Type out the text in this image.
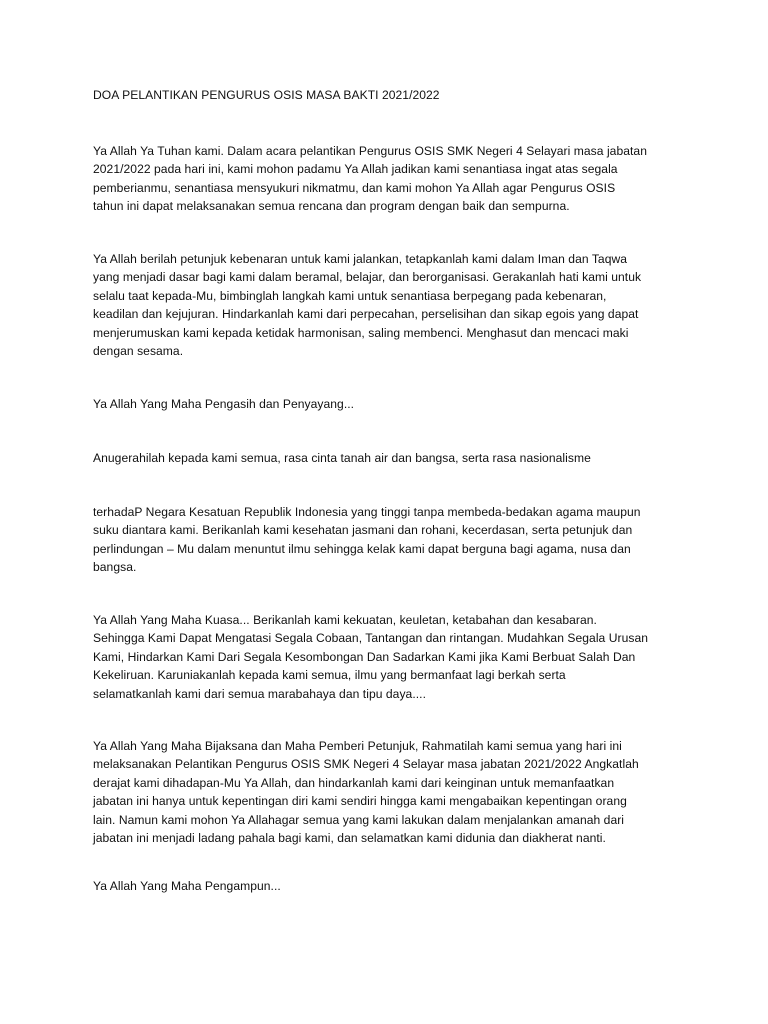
DOA PELANTIKAN PENGURUS OSIS MASA BAKTI 2021/2022

Ya Allah Ya Tuhan kami. Dalam acara pelantikan Pengurus OSIS SMK Negeri 4 Selayari masa jabatan
2021/2022 pada hari ini, kami mohon padamu Ya Allah jadikan kami senantiasa ingat atas segala
pemberianmu, senantiasa mensyukuri nikmatmu, dan kami mohon Ya Allah agar Pengurus OSIS
tahun ini dapat melaksanakan semua rencana dan program dengan baik dan sempurna.

Ya Allah berilah petunjuk kebenaran untuk kami jalankan, tetapkanlah kami dalam Iman dan Taqwa
yang menjadi dasar bagi kami dalam beramal, belajar, dan berorganisasi. Gerakanlah hati kami untuk
selalu taat kepada-Mu, bimbinglah langkah kami untuk senantiasa berpegang pada kebenaran,
keadilan dan kejujuran. Hindarkanlah kami dari perpecahan, perselisihan dan sikap egois yang dapat
menjerumuskan kami kepada ketidak harmonisan, saling membenci. Menghasut dan mencaci maki
dengan sesama.

Ya Allah Yang Maha Pengasih dan Penyayang...

Anugerahilah kepada kami semua, rasa cinta tanah air dan bangsa, serta rasa nasionalisme

terhadaP Negara Kesatuan Republik Indonesia yang tinggi tanpa membeda-bedakan agama maupun
suku diantara kami. Berikanlah kami kesehatan jasmani dan rohani, kecerdasan, serta petunjuk dan
perlindungan – Mu dalam menuntut ilmu sehingga kelak kami dapat berguna bagi agama, nusa dan
bangsa.

Ya Allah Yang Maha Kuasa... Berikanlah kami kekuatan, keuletan, ketabahan dan kesabaran.
Sehingga Kami Dapat Mengatasi Segala Cobaan, Tantangan dan rintangan. Mudahkan Segala Urusan
Kami, Hindarkan Kami Dari Segala Kesombongan Dan Sadarkan Kami jika Kami Berbuat Salah Dan
Kekeliruan. Karuniakanlah kepada kami semua, ilmu yang bermanfaat lagi berkah serta
selamatkanlah kami dari semua marabahaya dan tipu daya....

Ya Allah Yang Maha Bijaksana dan Maha Pemberi Petunjuk, Rahmatilah kami semua yang hari ini
melaksanakan Pelantikan Pengurus OSIS SMK Negeri 4 Selayar masa jabatan 2021/2022 Angkatlah
derajat kami dihadapan-Mu Ya Allah, dan hindarkanlah kami dari keinginan untuk memanfaatkan
jabatan ini hanya untuk kepentingan diri kami sendiri hingga kami mengabaikan kepentingan orang
lain. Namun kami mohon Ya Allahagar semua yang kami lakukan dalam menjalankan amanah dari
jabatan ini menjadi ladang pahala bagi kami, dan selamatkan kami didunia dan diakherat nanti.

Ya Allah Yang Maha Pengampun...
